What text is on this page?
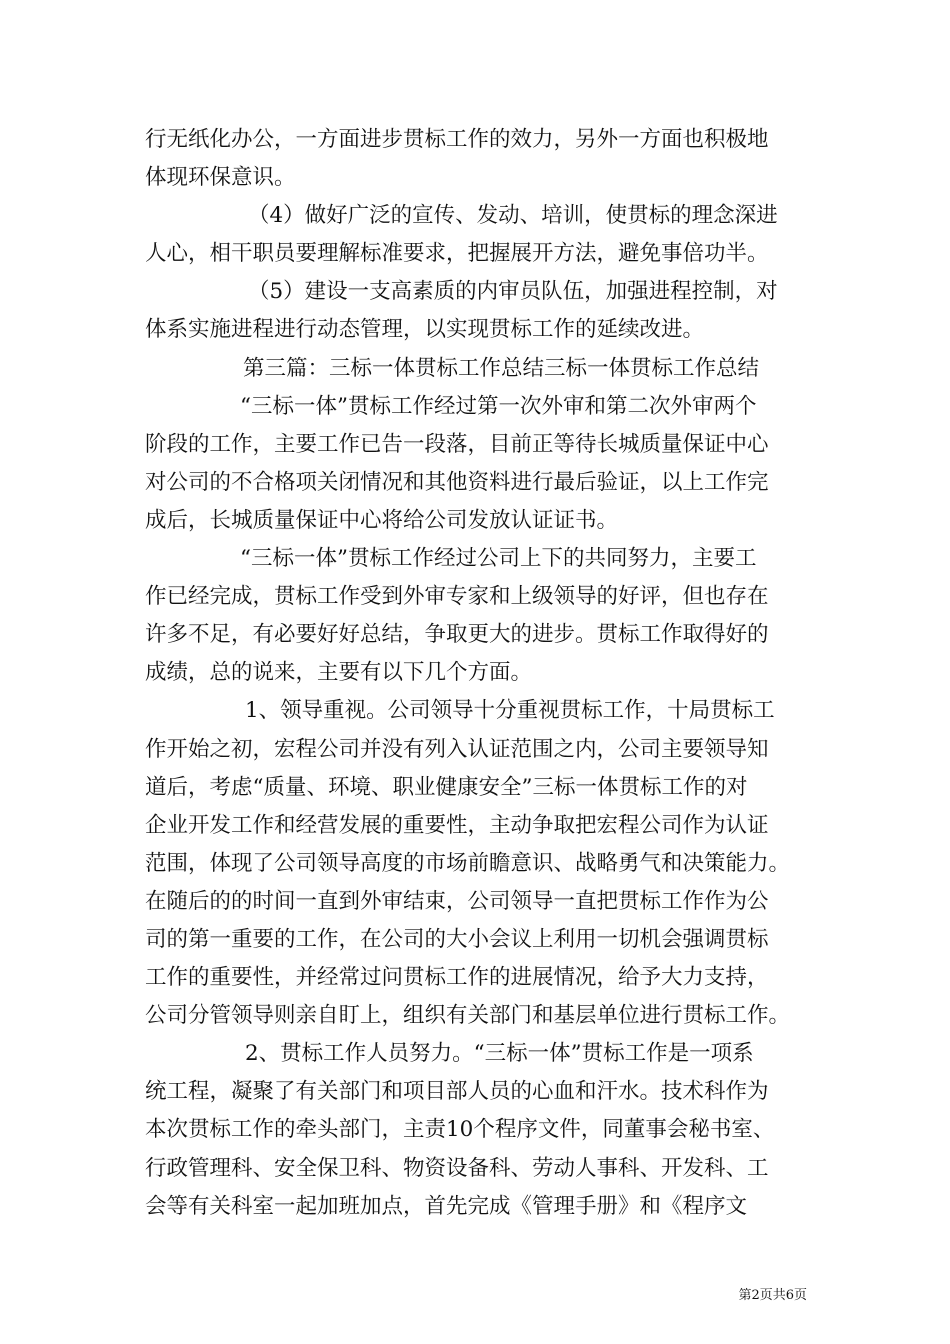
行无纸化办公，一方面进步贯标工作的效力，另外一方面也积极地
体现环保意识。
（4）做好广泛的宣传、发动、培训，使贯标的理念深进
人心，相干职员要理解标准要求，把握展开方法，避免事倍功半。
（5）建设一支高素质的内审员队伍，加强进程控制，对
体系实施进程进行动态管理，以实现贯标工作的延续改进。
第三篇：三标一体贯标工作总结三标一体贯标工作总结
“三标一体”贯标工作经过第一次外审和第二次外审两个
阶段的工作，主要工作已告一段落，目前正等待长城质量保证中心
对公司的不合格项关闭情况和其他资料进行最后验证，以上工作完
成后，长城质量保证中心将给公司发放认证证书。
“三标一体”贯标工作经过公司上下的共同努力，主要工
作已经完成，贯标工作受到外审专家和上级领导的好评，但也存在
许多不足，有必要好好总结，争取更大的进步。贯标工作取得好的
成绩，总的说来，主要有以下几个方面。
1、领导重视。公司领导十分重视贯标工作，十局贯标工
作开始之初，宏程公司并没有列入认证范围之内，公司主要领导知
道后，考虑“质量、环境、职业健康安全”三标一体贯标工作的对
企业开发工作和经营发展的重要性，主动争取把宏程公司作为认证
范围，体现了公司领导高度的市场前瞻意识、战略勇气和决策能力。
在随后的的时间一直到外审结束，公司领导一直把贯标工作作为公
司的第一重要的工作，在公司的大小会议上利用一切机会强调贯标
工作的重要性，并经常过问贯标工作的进展情况，给予大力支持，
公司分管领导则亲自盯上，组织有关部门和基层单位进行贯标工作。
2、贯标工作人员努力。“三标一体”贯标工作是一项系
统工程，凝聚了有关部门和项目部人员的心血和汗水。技术科作为
本次贯标工作的牵头部门，主责10个程序文件，同董事会秘书室、
行政管理科、安全保卫科、物资设备科、劳动人事科、开发科、工
会等有关科室一起加班加点，首先完成《管理手册》和《程序文
第2页共6页
